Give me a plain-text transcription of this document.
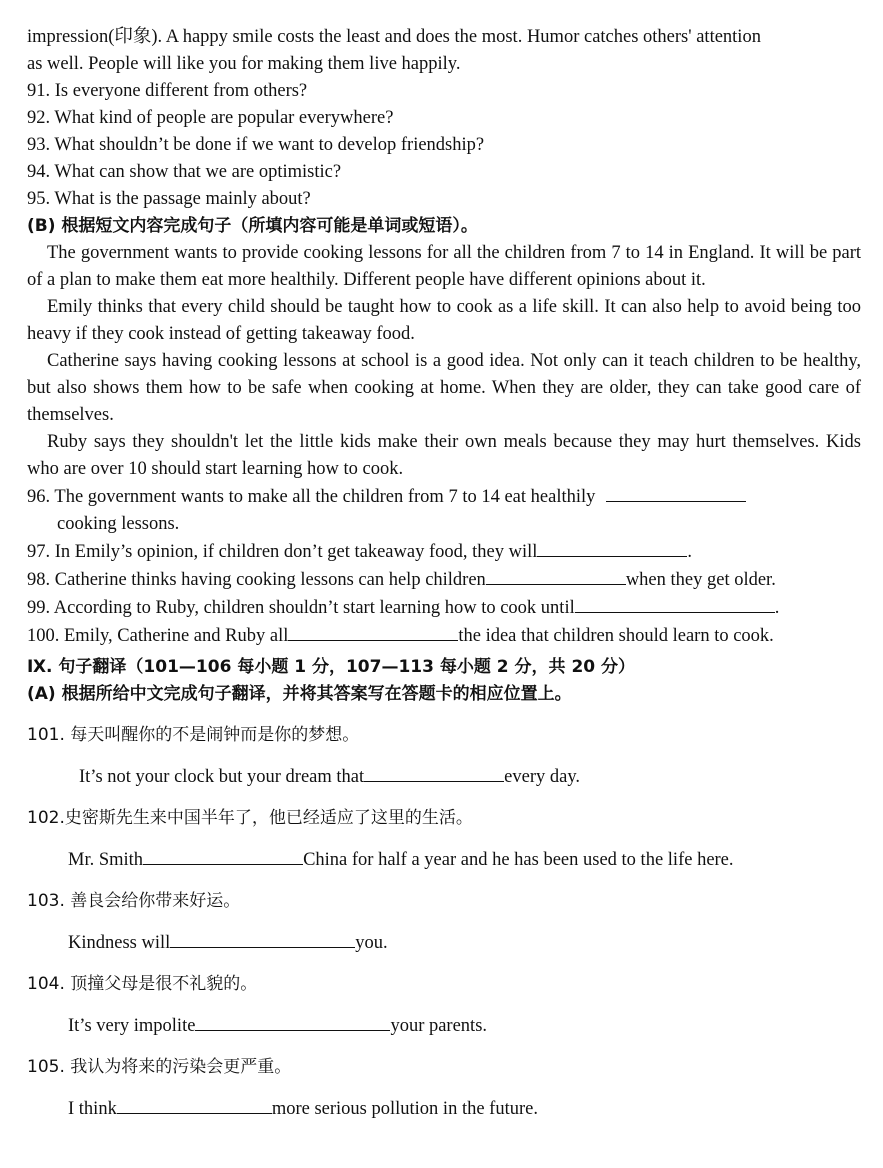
impression(印象). A happy smile costs the least and does the most. Humor catches others' attention
as well. People will like you for making them live happily.
91. Is everyone different from others?
92. What kind of people are popular everywhere?
93. What shouldn’t be done if we want to develop friendship?
94. What can show that we are optimistic?
95. What is the passage mainly about?
(B) 根据短文内容完成句子（所填内容可能是单词或短语）。
The government wants to provide cooking lessons for all the children from 7 to 14 in England. It will be part of a plan to make them eat more healthily. Different people have different opinions about it.
Emily thinks that every child should be taught how to cook as a life skill. It can also help to avoid being too heavy if they cook instead of getting takeaway food.
Catherine says having cooking lessons at school is a good idea. Not only can it teach children to be healthy, but also shows them how to be safe when cooking at home. When they are older, they can take good care of themselves.
Ruby says they shouldn't let the little kids make their own meals because they may hurt themselves. Kids who are over 10 should start learning how to cook.
96. The government wants to make all the children from 7 to 14 eat healthily
cooking lessons.
97. In Emily’s opinion, if children don’t get takeaway food, they will	.
98. Catherine thinks having cooking lessons can help children	when they get older.
99. According to Ruby, children shouldn’t start learning how to cook until	.
100. Emily, Catherine and Ruby all	the idea that children should learn to cook.
Ⅸ. 句子翻译（101—106 每小题 1 分，107—113 每小题 2 分，共 20 分）
(A) 根据所给中文完成句子翻译，并将其答案写在答题卡的相应位置上。
101. 每天叫醒你的不是闹钟而是你的梦想。
It’s not your clock but your dream that	every day.
102.史密斯先生来中国半年了，他已经适应了这里的生活。
Mr. Smith	China for half a year and he has been used to the life here.
103. 善良会给你带来好运。
Kindness will	you.
104. 顶撞父母是很不礼貌的。
It’s very impolite	your parents.
105. 我认为将来的污染会更严重。
I think	more serious pollution in the future.
